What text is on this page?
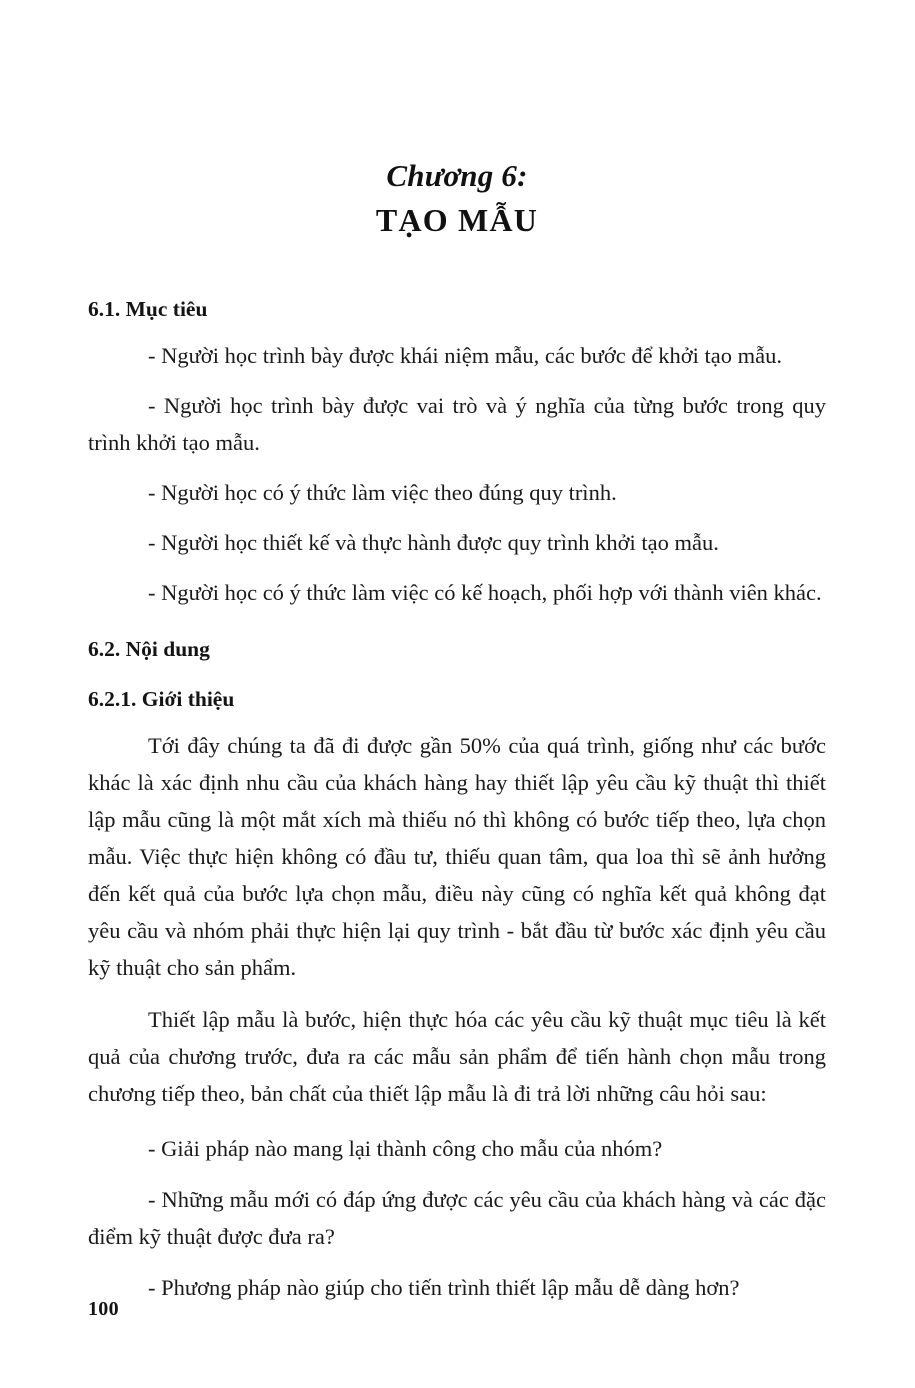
Chương 6:
TẠO MẪU
6.1. Mục tiêu

- Người học trình bày được khái niệm mẫu, các bước để khởi tạo mẫu.

- Người học trình bày được vai trò và ý nghĩa của từng bước trong quy trình khởi tạo mẫu.

- Người học có ý thức làm việc theo đúng quy trình.

- Người học thiết kế và thực hành được quy trình khởi tạo mẫu.

- Người học có ý thức làm việc có kế hoạch, phối hợp với thành viên khác.

6.2. Nội dung
6.2.1. Giới thiệu

Tới đây chúng ta đã đi được gần 50% của quá trình, giống như các bước khác là xác định nhu cầu của khách hàng hay thiết lập yêu cầu kỹ thuật thì thiết lập mẫu cũng là một mắt xích mà thiếu nó thì không có bước tiếp theo, lựa chọn mẫu. Việc thực hiện không có đầu tư, thiếu quan tâm, qua loa thì sẽ ảnh hưởng đến kết quả của bước lựa chọn mẫu, điều này cũng có nghĩa kết quả không đạt yêu cầu và nhóm phải thực hiện lại quy trình - bắt đầu từ bước xác định yêu cầu kỹ thuật cho sản phẩm.

Thiết lập mẫu là bước, hiện thực hóa các yêu cầu kỹ thuật mục tiêu là kết quả của chương trước, đưa ra các mẫu sản phẩm để tiến hành chọn mẫu trong chương tiếp theo, bản chất của thiết lập mẫu là đi trả lời những câu hỏi sau:

- Giải pháp nào mang lại thành công cho mẫu của nhóm?

- Những mẫu mới có đáp ứng được các yêu cầu của khách hàng và các đặc điểm kỹ thuật được đưa ra?

- Phương pháp nào giúp cho tiến trình thiết lập mẫu dễ dàng hơn?

100
